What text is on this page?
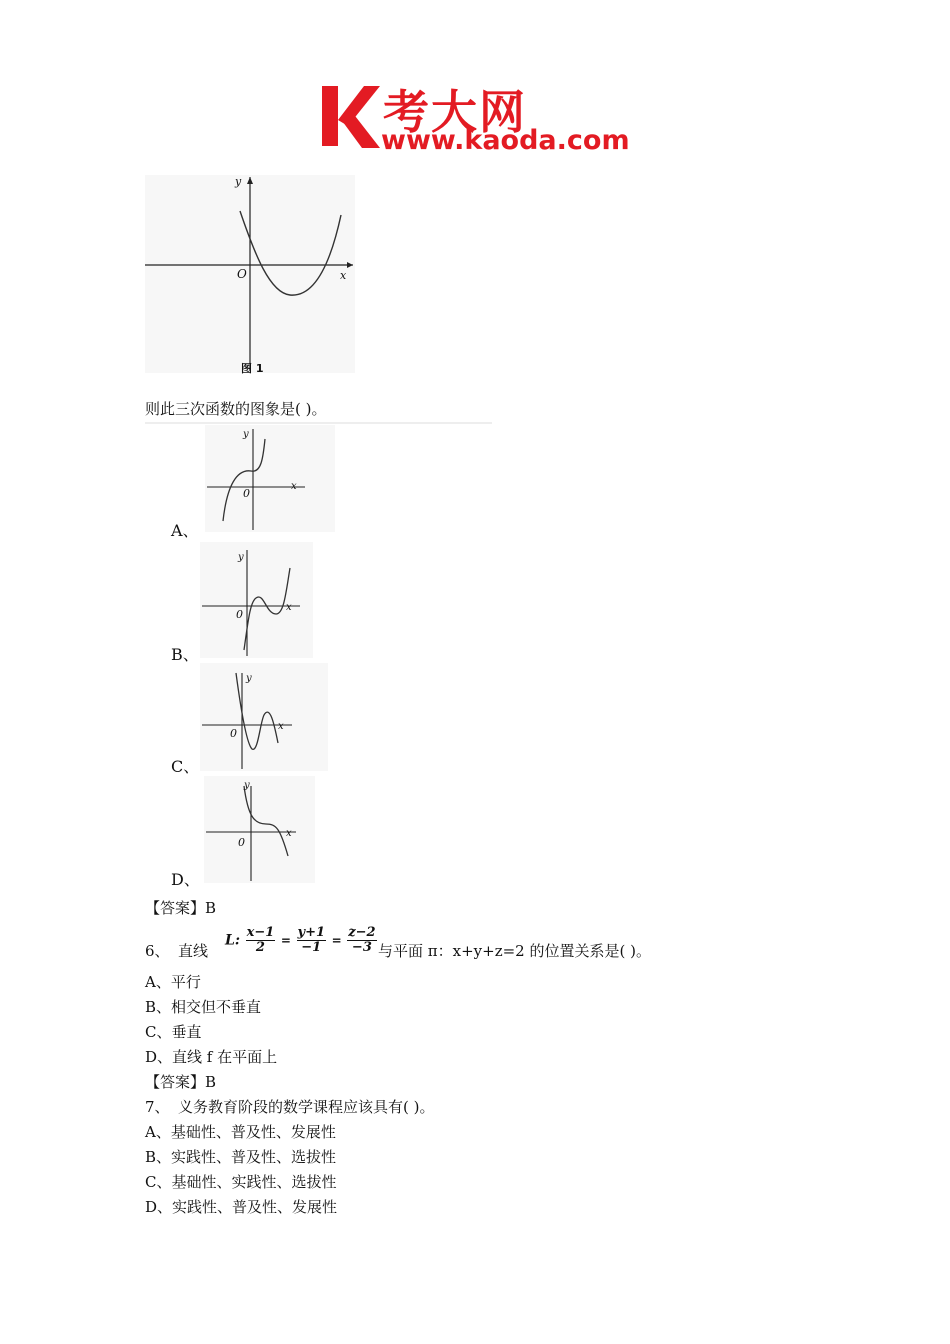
考大网
www.kaoda.com
y
x
O
图 1
则此三次函数的图象是( )。
A、
y
x
0
B、
y
x
0
C、
y
x
0
D、
y
x
0
【答案】B
6、 直线
L: $\frac{x-1}{2} = \frac{y+1}{-1} = \frac{z-2}{-3}$ 与平面 π：x+y+z=2 的位置关系是( )。
A、平行
B、相交但不垂直
C、垂直
D、直线 f 在平面上
【答案】B
7、 义务教育阶段的数学课程应该具有( )。
A、基础性、普及性、发展性
B、实践性、普及性、选拔性
C、基础性、实践性、选拔性
D、实践性、普及性、发展性
